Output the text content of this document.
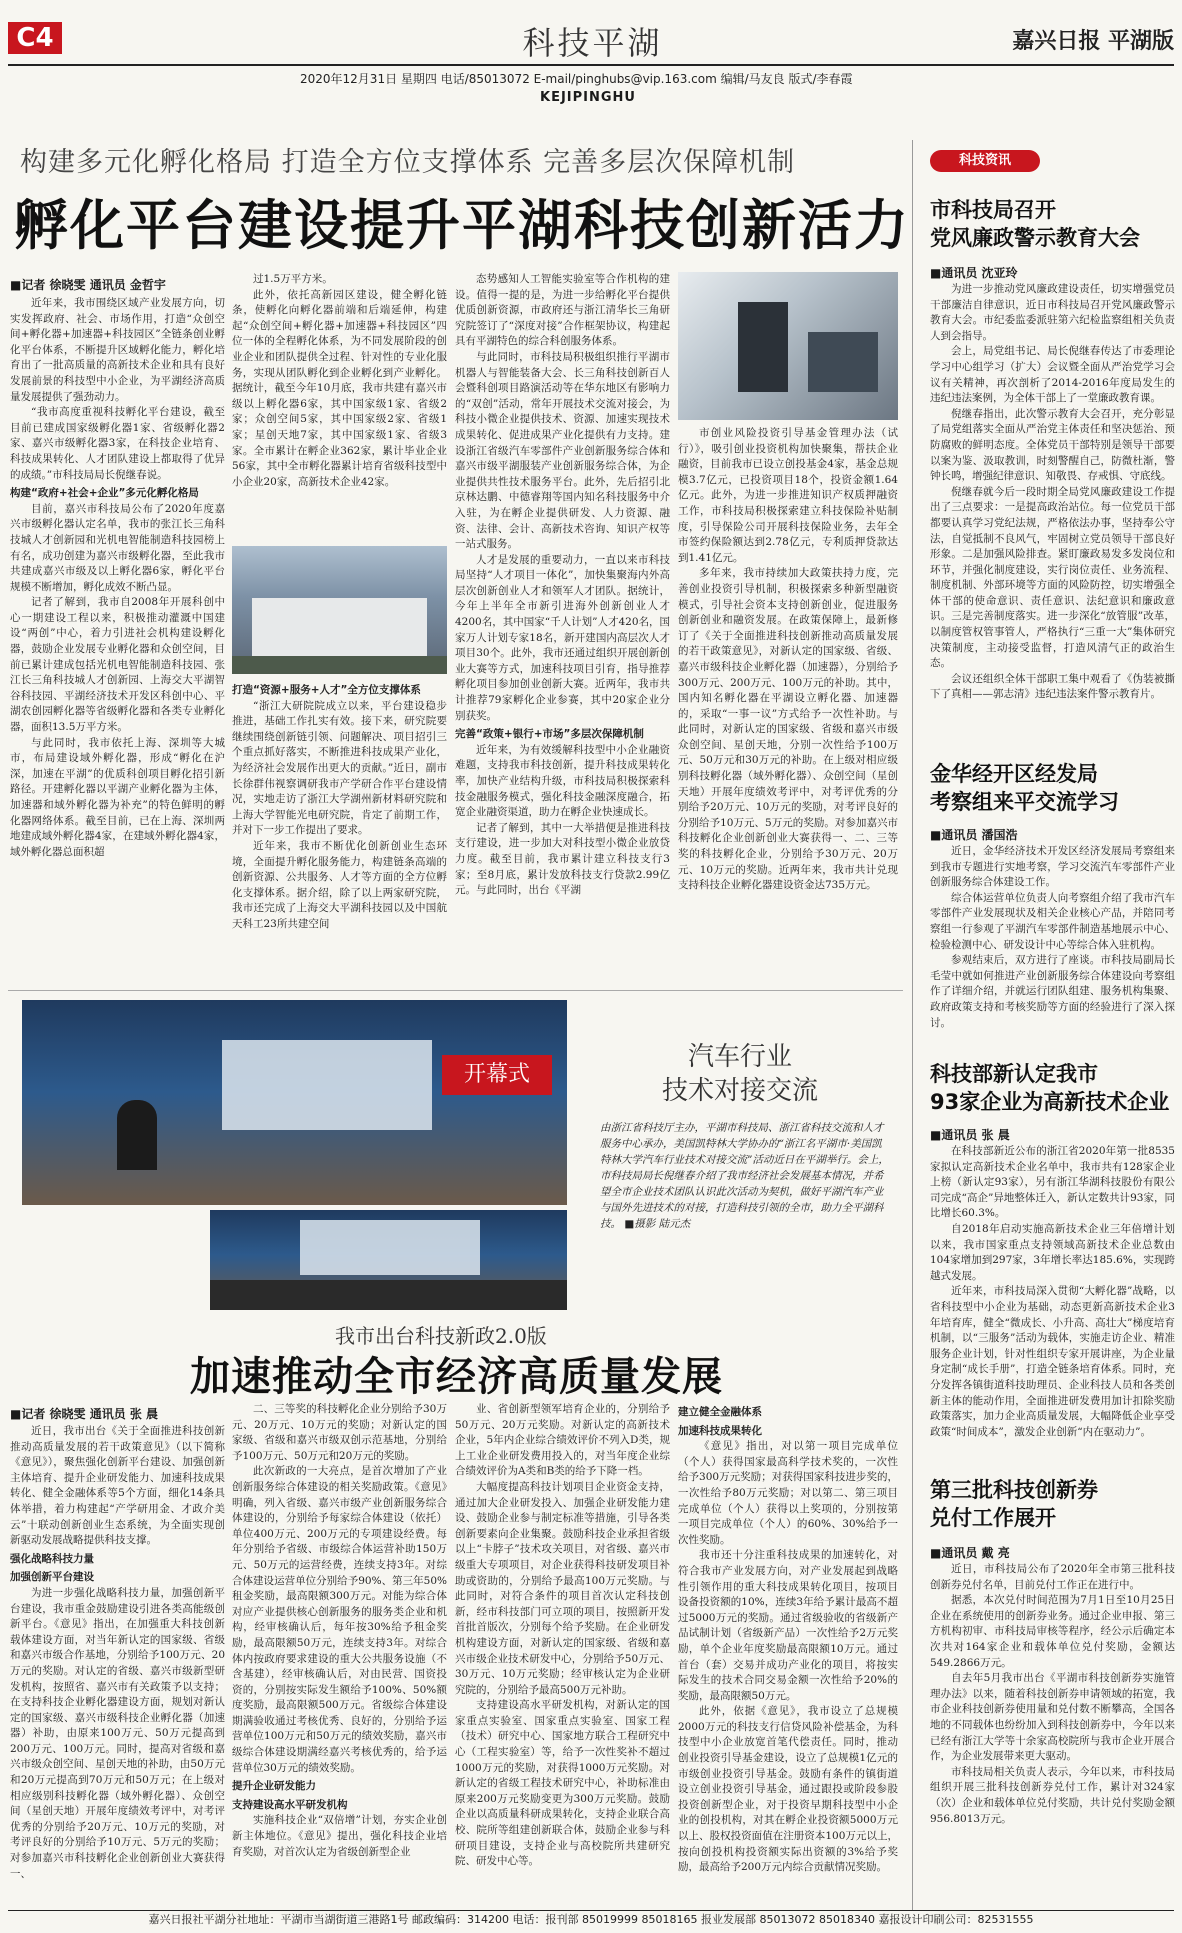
C4	科技平湖	嘉兴日报 平湖版
2020年12月31日 星期四 电话/85013072 E-mail/pinghubs@vip.163.com 编辑/马友良 版式/李春霞
KEJIPINGHU
构建多元化孵化格局 打造全方位支撑体系 完善多层次保障机制
孵化平台建设提升平湖科技创新活力
■记者 徐晓雯 通讯员 金哲宇

近年来，我市围绕区域产业发展方向，切实发挥政府、社会、市场作用，打造“众创空间+孵化器+加速器+科技园区”全链条创业孵化平台体系，不断提升区域孵化能力，孵化培育出了一批高质量的高新技术企业和具有良好发展前景的科技型中小企业，为平湖经济高质量发展提供了强劲动力。

“我市高度重视科技孵化平台建设，截至目前已建成国家级孵化器1家、省级孵化器2家、嘉兴市级孵化器3家，在科技企业培育、科技成果转化、人才团队建设上都取得了优异的成绩。”市科技局局长倪继春说。

构建“政府+社会+企业”多元化孵化格局

目前，嘉兴市科技局公布了2020年度嘉兴市级孵化器认定名单，我市的张江长三角科技城人才创新园和光机电智能制造科技园榜上有名，成功创建为嘉兴市级孵化器，至此我市共建成嘉兴市级及以上孵化器6家，孵化平台规模不断增加，孵化成效不断凸显。

记者了解到，我市自2008年开展科创中心一期建设工程以来，积极推动灌溉中国建设“两创”中心，着力引进社会机构建设孵化器，鼓励企业发展专业孵化器和众创空间，目前已累计建成包括光机电智能制造科技园、张江长三角科技城人才创新园、上海交大平湖智谷科技园、平湖经济技术开发区科创中心、平湖农创园孵化器等省级孵化器和各类专业孵化器，面积13.5万平方米。

与此同时，我市依托上海、深圳等大城市，布局建设域外孵化器，形成“孵化在沪深，加速在平湖”的优质科创项目孵化招引新路径。开建孵化器以平湖产业孵化器为主体，加速器和域外孵化器为补充”的特色鲜明的孵化器网络体系。截至目前，已在上海、深圳两地建成域外孵化器4家，在建域外孵化器4家，域外孵化器总面积超

过1.5万平方米。

此外，依托高新园区建设，健全孵化链条，使孵化向孵化器前端和后端延伸，构建起“众创空间+孵化器+加速器+科技园区”四位一体的全程孵化体系，为不同发展阶段的创业企业和团队提供全过程、针对性的专业化服务，实现从团队孵化到企业孵化到产业孵化。据统计，截至今年10月底，我市共建有嘉兴市级以上孵化器6家，其中国家级1家、省级2家；众创空间5家，其中国家级2家、省级1家；星创天地7家，其中国家级1家、省级3家。全市累计在孵企业362家，累计毕业企业56家，其中全市孵化器累计培育省级科技型中小企业20家，高新技术企业42家。

打造“资源+服务+人才”全方位支撑体系

“浙江大研院院成立以来，平台建设稳步推进，基础工作扎实有效。接下来，研究院要继续围绕创新链引领、问题解决、项目招引三个重点抓好落实，不断推进科技成果产业化，为经济社会发展作出更大的贡献。”近日，副市长徐群伟视察调研我市产学研合作平台建设情况，实地走访了浙江大学湖州新材料研究院和上海大学智能光电研究院，肯定了前期工作，并对下一步工作提出了要求。

近年来，我市不断优化创新创业生态环境，全面提升孵化服务能力，构建链条高端的创新资源、公共服务、人才等方面的全方位孵化支撑体系。据介绍，除了以上两家研究院，我市还完成了上海交大平湖科技园以及中国航天科工23所共建空间

态势感知人工智能实验室等合作机构的建设。值得一提的是，为进一步给孵化平台提供优质创新资源，市政府还与浙江清华长三角研究院签订了“深度对接”合作框架协议，构建起具有平湖特色的综合科创服务体系。

与此同时，市科技局积极组织推行平湖市机器人与智能装备大会、长三角科技创新百人会暨科创项目路演活动等在华东地区有影响力的“双创”活动，常年开展技术交流对接会，为科技小微企业提供技术、资源、加速实现技术成果转化、促进成果产业化提供有力支持。建设浙江省级汽车零部件产业创新服务综合体和嘉兴市级平湖服装产业创新服务综合体，为企业提供共性技术服务平台。此外，先后招引北京林达鹏、中德睿翔等国内知名科技服务中介入驻，为在孵企业提供研发、人力资源、融资、法律、会计、高新技术咨询、知识产权等一站式服务。

人才是发展的重要动力，一直以来市科技局坚持“人才项目一体化”，加快集聚海内外高层次创新创业人才和领军人才团队。据统计，今年上半年全市新引进海外创新创业人才4200名，其中国家“千人计划”人才420名，国家万人计划专家18名，新开建国内高层次人才项目30个。此外，我市还通过组织开展创新创业大赛等方式，加速科技项目引育，指导推荐孵化项目参加创业创新大赛。近两年，我市共计推荐79家孵化企业参赛，其中20家企业分别获奖。

完善“政策+银行+市场”多层次保障机制

近年来，为有效缓解科技型中小企业融资难题，支持我市科技创新，提升科技成果转化率，加快产业结构升级，市科技局积极探索科技金融服务模式，强化科技金融深度融合，拓宽企业融资渠道，助力在孵企业快速成长。

记者了解到，其中一大举措便是推进科技支行建设，进一步加大对科技型小微企业放贷力度。截至目前，我市累计建立科技支行3家；至8月底，累计发放科技支行贷款2.99亿元。与此同时，出台《平湖

市创业风险投资引导基金管理办法（试行）》，吸引创业投资机构加快聚集，帮扶企业融资，目前我市已设立创投基金4家，基金总规模3.7亿元，已投资项目18个，投资金额1.64亿元。此外，为进一步推进知识产权质押融资工作，市科技局积极探索建立科技保险补贴制度，引导保险公司开展科技保险业务，去年全市签约保险额达到2.78亿元，专利质押贷款达到1.41亿元。

多年来，我市持续加大政策扶持力度，完善创业投资引导机制，积极探索多种新型融资模式，引导社会资本支持创新创业，促进服务创新创业和融资发展。在政策保障上，最新修订了《关于全面推进科技创新推动高质量发展的若干政策意见》，对新认定的国家级、省级、嘉兴市级科技企业孵化器（加速器），分别给予300万元、200万元、100万元的补助。其中，国内知名孵化器在平湖设立孵化器、加速器的，采取“一事一议”方式给予一次性补助。与此同时，对新认定的国家级、省级和嘉兴市级众创空间、星创天地，分别一次性给予100万元、50万元和30万元的补助。在上级对相应级别科技孵化器（域外孵化器）、众创空间（星创天地）开展年度绩效考评中，对考评优秀的分别给予20万元、10万元的奖励，对考评良好的分别给予10万元、5万元的奖励。对参加嘉兴市科技孵化企业创新创业大赛获得一、二、三等奖的科技孵化企业，分别给予30万元、20万元、10万元的奖励。近两年来，我市共计兑现支持科技企业孵化器建设资金达735万元。

开幕式
汽车行业
技术对接交流
由浙江省科技厅主办，平湖市科技局、浙江省科技交流和人才服务中心承办，美国凯特林大学协办的“浙江名平湖市·美国凯特林大学汽车行业技术对接交流”活动近日在平湖举行。会上，市科技局局长倪继春介绍了我市经济社会发展基本情况，并希望全市企业技术团队认识此次活动为契机，做好平湖汽车产业与国外先进技术的对接，打造科技引领的全市，助力全平湖科技。 ■摄影 陆元杰
我市出台科技新政2.0版
加速推动全市经济高质量发展
■记者 徐晓雯 通讯员 张 晨

近日，我市出台《关于全面推进科技创新推动高质量发展的若干政策意见》（以下简称《意见》），聚焦强化创新平台建设、加强创新主体培育、提升企业研发能力、加速科技成果转化、健全金融体系等5个方面，细化14条具体举措，着力构建起“产学研用金、才政介美云”十联动创新创业生态系统，为全面实现创新驱动发展战略提供科技支撑。

强化战略科技力量

加强创新平台建设

为进一步强化战略科技力量，加强创新平台建设，我市重金鼓励建设引进各类高能级创新平台。《意见》指出，在加强重大科技创新载体建设方面，对当年新认定的国家级、省级和嘉兴市级合作基地，分别给予100万元、20万元的奖励。对认定的省级、嘉兴市级新型研发机构，按照省、嘉兴市有关政策予以支持；在支持科技企业孵化器建设方面，规划对新认定的国家级、嘉兴市级科技企业孵化器（加速器）补助，由原来100万元、50万元提高到200万元、100万元。同时，提高对省级和嘉兴市级众创空间、星创天地的补助，由50万元和20万元提高到70万元和50万元；在上级对相应级别科技孵化器（域外孵化器）、众创空间（星创天地）开展年度绩效考评中，对考评优秀的分别给予20万元、10万元的奖励，对考评良好的分别给予10万元、5万元的奖励；对参加嘉兴市科技孵化企业创新创业大赛获得一、

二、三等奖的科技孵化企业分别给予30万元、20万元、10万元的奖励；对新认定的国家级、省级和嘉兴市级双创示范基地，分别给予100万元、50万元和20万元的奖励。

此次新政的一大亮点，是首次增加了产业创新服务综合体建设的相关奖励政策。《意见》明确，列入省级、嘉兴市级产业创新服务综合体建设的，分别给予每家综合体建设（依托）单位400万元、200万元的专项建设经费。每年分别给予省级、市级综合体运营补助150万元、50万元的运营经费，连续支持3年。对综合体建设运营单位分别给予90%、第三年50%租金奖励，最高限额300万元。对能为综合体对应产业提供核心创新服务的服务类企业和机构，经审核确认后，每年按30%给予租金奖励，最高限额50万元，连续支持3年。对综合体内按政府要求建设的重大公共服务设施（不含基建），经审核确认后，对由民营、国资投资的，分别按实际发生额给予100%、50%额度奖励，最高限额500万元。省级综合体建设期满验收通过考核优秀、良好的，分别给予运营单位100万元和50万元的绩效奖励，嘉兴市级综合体建设期满经嘉兴考核优秀的，给予运营单位30万元的绩效奖励。

提升企业研发能力

支持建设高水平研发机构

实施科技企业“双倍增”计划，夯实企业创新主体地位。《意见》提出，强化科技企业培育奖励，对首次认定为省级创新型企业

业、省创新型领军培育企业的，分别给予50万元、20万元奖励。对新认定的高新技术企业，5年内企业综合绩效评价不列入D类，规上工业企业研发费用投入的，对当年度企业综合绩效评价为A类和B类的给予下降一档。

大幅度提高科技计划项目企业资金支持，通过加大企业研发投入、加强企业研发能力建设、鼓励企业参与制定标准等措施，引导各类创新要素向企业集聚。鼓励科技企业承担省级以上“卡脖子”技术攻关项目，对省级、嘉兴市级重大专项项目，对企业获得科技研发项目补助或资助的，分别给予最高100万元奖励。与此同时，对符合条件的项目首次认定科技创新，经市科技部门可立项的项目，按照新开发首批首版次，分别每个给予奖励。在企业研发机构建设方面，对新认定的国家级、省级和嘉兴市级企业技术研发中心，分别给予50万元、30万元、10万元奖励；经审核认定为企业研究院的，分别给予最高500万元补助。

支持建设高水平研发机构，对新认定的国家重点实验室、国家重点实验室、国家工程（技术）研究中心、国家地方联合工程研究中心（工程实验室）等，给予一次性奖补不超过1000万元的奖励，对获得1000万元奖励。对新认定的省级工程技术研究中心，补助标准由原来200万元奖励变更为300万元奖励。鼓励企业以高质量科研成果转化，支持企业联合高校、院所等组建创新联合体，鼓励企业参与科研项目建设，支持企业与高校院所共建研究院、研发中心等。

建立健全金融体系

加速科技成果转化

《意见》指出，对以第一项目完成单位（个人）获得国家最高科学技术奖的，一次性给予300万元奖励；对获得国家科技进步奖的，一次性给予80万元奖励；对以第二、第三项目完成单位（个人）获得以上奖项的，分别按第一项目完成单位（个人）的60%、30%给予一次性奖励。

我市还十分注重科技成果的加速转化，对符合我市产业发展方向，对产业发展起到战略性引领作用的重大科技成果转化项目，按项目设备投资额的10%，连续3年给予累计最高不超过5000万元的奖励。通过省级验收的省级新产品试制计划（省级新产品）一次性给予2万元奖励，单个企业年度奖励最高限额10万元。通过首台（套）交易并成功产业化的项目，将按实际发生的技术合同交易金额一次性给予20%的奖励，最高限额50万元。

此外，依据《意见》，我市设立了总规模2000万元的科技支行信贷风险补偿基金，为科技型中小企业放宽首笔代偿责任。同时，推动创业投资引导基金建设，设立了总规模1亿元的市级创业投资引导基金。鼓励有条件的镇街道设立创业投资引导基金，通过跟投或阶段参股投资创新型企业，对于投资早期科技型中小企业的创投机构，对其在孵企业投资额5000万元以上、股权投资面值在注册资本100万元以上，按向创投机构投资额实际出资额的3%给予奖励，最高给予200万元内综合贡献情况奖励。

科技资讯
市科技局召开
党风廉政警示教育大会
■通讯员 沈亚玲

为进一步推动党风廉政建设责任，切实增强党员干部廉洁自律意识，近日市科技局召开党风廉政警示教育大会。市纪委监委派驻第六纪检监察组相关负责人到会指导。

会上，局党组书记、局长倪继春传达了市委理论学习中心组学习（扩大）会议暨全面从严治党学习会议有关精神，再次剖析了2014-2016年度局发生的违纪违法案例，为全体干部上了一堂廉政教育课。

倪继春指出，此次警示教育大会召开，充分彰显了局党组落实全面从严治党主体责任和坚决惩治、预防腐败的鲜明态度。全体党员干部特别是领导干部要以案为鉴、汲取教训，时刻警醒自己，防微杜渐，警钟长鸣，增强纪律意识、知敬畏、存戒惧、守底线。

倪继春就今后一段时期全局党风廉政建设工作提出了三点要求：一是提高政治站位。每一位党员干部都要认真学习党纪法规，严格依法办事，坚持奉公守法，自觉抵制不良风气，牢固树立党员领导干部良好形象。二是加强风险排查。紧盯廉政易发多发岗位和环节，并强化制度建设，实行岗位责任、业务流程、制度机制、外部环境等方面的风险防控，切实增强全体干部的使命意识、责任意识、法纪意识和廉政意识。三是完善制度落实。进一步深化“放管服”改革，以制度管权管事管人，严格执行“三重一大”集体研究决策制度，主动接受监督，打造风清气正的政治生态。

会议还组织全体干部职工集中观看了《伪装被撕下了真相——郭志清》违纪违法案件警示教育片。

金华经开区经发局
考察组来平交流学习
■通讯员 潘国浩

近日，金华经济技术开发区经济发展局考察组来到我市专题进行实地考察，学习交流汽车零部件产业创新服务综合体建设工作。

综合体运营单位负责人向考察组介绍了我市汽车零部件产业发展现状及相关企业核心产品，并陪同考察组一行参观了平湖汽车零部件制造基地展示中心、检验检测中心、研发设计中心等综合体入驻机构。

参观结束后，双方进行了座谈。市科技局副局长毛莹中就如何推进产业创新服务综合体建设向考察组作了详细介绍，并就运行团队组建、服务机构集聚、政府政策支持和考核奖励等方面的经验进行了深入探讨。

科技部新认定我市
93家企业为高新技术企业
■通讯员 张 晨

在科技部新近公布的浙江省2020年第一批8535家拟认定高新技术企业名单中，我市共有128家企业上榜（新认定93家），另有浙江华湖科技股份有限公司完成“高企”异地整体迁入，新认定数共计93家，同比增长60.3%。

自2018年启动实施高新技术企业三年倍增计划以来，我市国家重点支持领域高新技术企业总数由104家增加到297家，3年增长率达185.6%，实现跨越式发展。

近年来，市科技局深入贯彻“大孵化器”战略，以省科技型中小企业为基础，动态更新高新技术企业3年培育库，健全“微成长、小升高、高壮大”梯度培育机制，以“三服务”活动为载体，实施走访企业、精准服务企业计划，针对性组织专家开展讲座，为企业量身定制“成长手册”，打造全链条培育体系。同时，充分发挥各镇街道科技助理员、企业科技人员和各类创新主体的能动作用，全面推进研发费用加计扣除奖励政策落实，加力企业高质量发展，大幅降低企业享受政策“时间成本”，激发企业创新“内在驱动力”。

第三批科技创新券
兑付工作展开
■通讯员 戴 亮

近日，市科技局公布了2020年全市第三批科技创新券兑付名单，目前兑付工作正在进行中。

据悉，本次兑付时间范围为7月1日至10月25日企业在系统使用的创新券业务。通过企业申报、第三方机构初审、市科技局审核等程序，经公示后确定本次共对164家企业和载体单位兑付奖励，金额达549.2866万元。

自去年5月我市出台《平湖市科技创新券实施管理办法》以来，随着科技创新券申请领域的拓宽，我市企业科技创新券使用量和兑付数不断攀高，全国各地的不同载体也纷纷加入到科技创新券中，今年以来已经有浙江大学等十余家高校院所与我市企业开展合作，为企业发展带来更大驱动。

市科技局相关负责人表示，今年以来，市科技局组织开展三批科技创新券兑付工作，累计对324家（次）企业和载体单位兑付奖励，共计兑付奖励金额956.8013万元。

嘉兴日报社平湖分社地址：平湖市当湖街道三港路1号 邮政编码：314200 电话：报刊部 85019999 85018165 报业发展部 85013072 85018340 嘉报设计印刷公司：82531555
